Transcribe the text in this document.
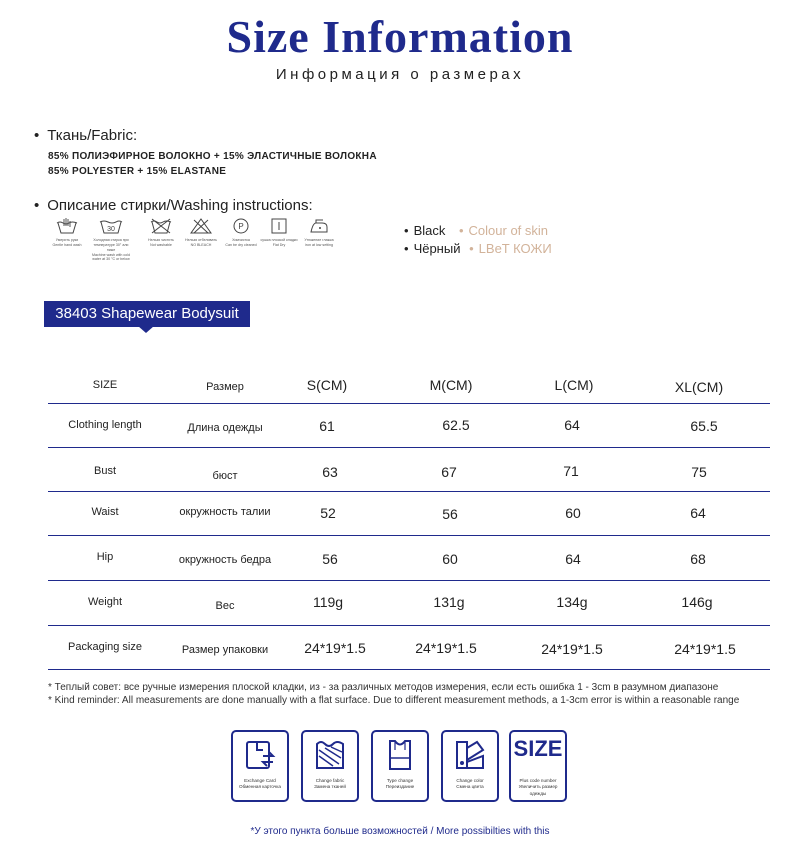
Size Information
Информация о размерах
• Ткань/Fabric:
85% ПОЛИЭФИРНОЕ ВОЛОКНО + 15% ЭЛАСТИЧНЫЕ ВОЛОКНА
85% POLYESTER + 15% ELASTANE
• Описание стирки/Washing instructions:
Умерить руки
Gentle hand wash
30
Холодная стирка при
температуре 30° али ниже
Machine wash with cold
water at 30 °C or below
Нельзя чистить
Not washable
Нельзя отбеливать
NO BLEACH
P
Химчистка
Can be dry cleaned
сушка плоской кладки
Flat Dry
Утюжение глажка
iron at low setting
• Black • Colour of skin
• Чёрный • LBeT КОЖИ
38403 Shapewear Bodysuit
SIZE	Размер	S(CM)	M(CM)	L(CM)	XL(CM)
Clothing length	Длина одежды	61	62.5	64	65.5
Bust	бюст	63	67	71	75
Waist	окружность талии	52	56	60	64
Hip	окружность бедра	56	60	64	68
Weight	Вес	119g	131g	134g	146g
Packaging size	Размер упаковки	24*19*1.5	24*19*1.5	24*19*1.5	24*19*1.5
* Теплый совет: все ручные измерения плоской кладки, из - за различных методов измерения, если есть ошибка 1 - 3cm в разумном диапазоне
* Kind reminder: All measurements are done manually with a flat surface. Due to different measurement methods, a 1-3cm error is within a reasonable range
Exchange Card
Обменная карточка
Change fabric
Замена тканей
Type change
Переиздание
Change color
Смена цвета
SIZE
Plus code number
Увеличить размер одежды
*У этого пункта больше возможностей / More possibilties with this
